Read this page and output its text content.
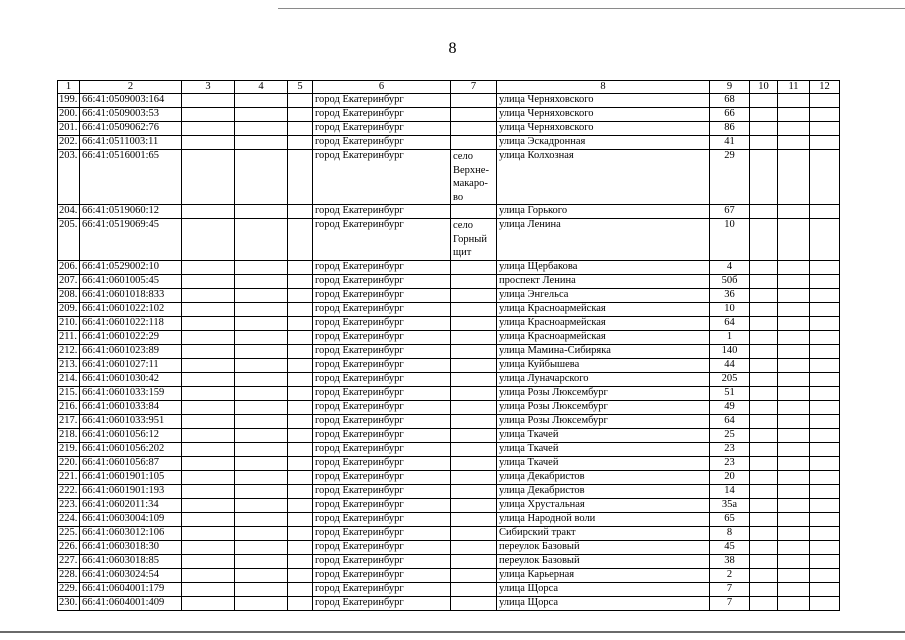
8
1	2	3	4	5	6	7	8	9	10	11	12
199.	66:41:0509003:164				город Екатеринбург		улица Черняховского	68			
200.	66:41:0509003:53				город Екатеринбург		улица Черняховского	66			
201.	66:41:0509062:76				город Екатеринбург		улица Черняховского	86			
202.	66:41:0511003:11				город Екатеринбург		улица Эскадронная	41			
203.	66:41:0516001:65				город Екатеринбург	село Верхне-макаро-во	улица Колхозная	29			
204.	66:41:0519060:12				город Екатеринбург		улица Горького	67			
205.	66:41:0519069:45				город Екатеринбург	село Горный щит	улица Ленина	10			
206.	66:41:0529002:10				город Екатеринбург		улица Щербакова	4			
207.	66:41:0601005:45				город Екатеринбург		проспект Ленина	50б			
208.	66:41:0601018:833				город Екатеринбург		улица Энгельса	36			
209.	66:41:0601022:102				город Екатеринбург		улица Красноармейская	10			
210.	66:41:0601022:118				город Екатеринбург		улица Красноармейская	64			
211.	66:41:0601022:29				город Екатеринбург		улица Красноармейская	1			
212.	66:41:0601023:89				город Екатеринбург		улица Мамина-Сибиряка	140			
213.	66:41:0601027:11				город Екатеринбург		улица Куйбышева	44			
214.	66:41:0601030:42				город Екатеринбург		улица Луначарского	205			
215.	66:41:0601033:159				город Екатеринбург		улица Розы Люксембург	51			
216.	66:41:0601033:84				город Екатеринбург		улица Розы Люксембург	49			
217.	66:41:0601033:951				город Екатеринбург		улица Розы Люксембург	64			
218.	66:41:0601056:12				город Екатеринбург		улица Ткачей	25			
219.	66:41:0601056:202				город Екатеринбург		улица Ткачей	23			
220.	66:41:0601056:87				город Екатеринбург		улица Ткачей	23			
221.	66:41:0601901:105				город Екатеринбург		улица Декабристов	20			
222.	66:41:0601901:193				город Екатеринбург		улица Декабристов	14			
223.	66:41:0602011:34				город Екатеринбург		улица Хрустальная	35а			
224.	66:41:0603004:109				город Екатеринбург		улица Народной воли	65			
225.	66:41:0603012:106				город Екатеринбург		Сибирский тракт	8			
226.	66:41:0603018:30				город Екатеринбург		переулок Базовый	45			
227.	66:41:0603018:85				город Екатеринбург		переулок Базовый	38			
228.	66:41:0603024:54				город Екатеринбург		улица Карьерная	2			
229.	66:41:0604001:179				город Екатеринбург		улица Щорса	7			
230.	66:41:0604001:409				город Екатеринбург		улица Щорса	7			
